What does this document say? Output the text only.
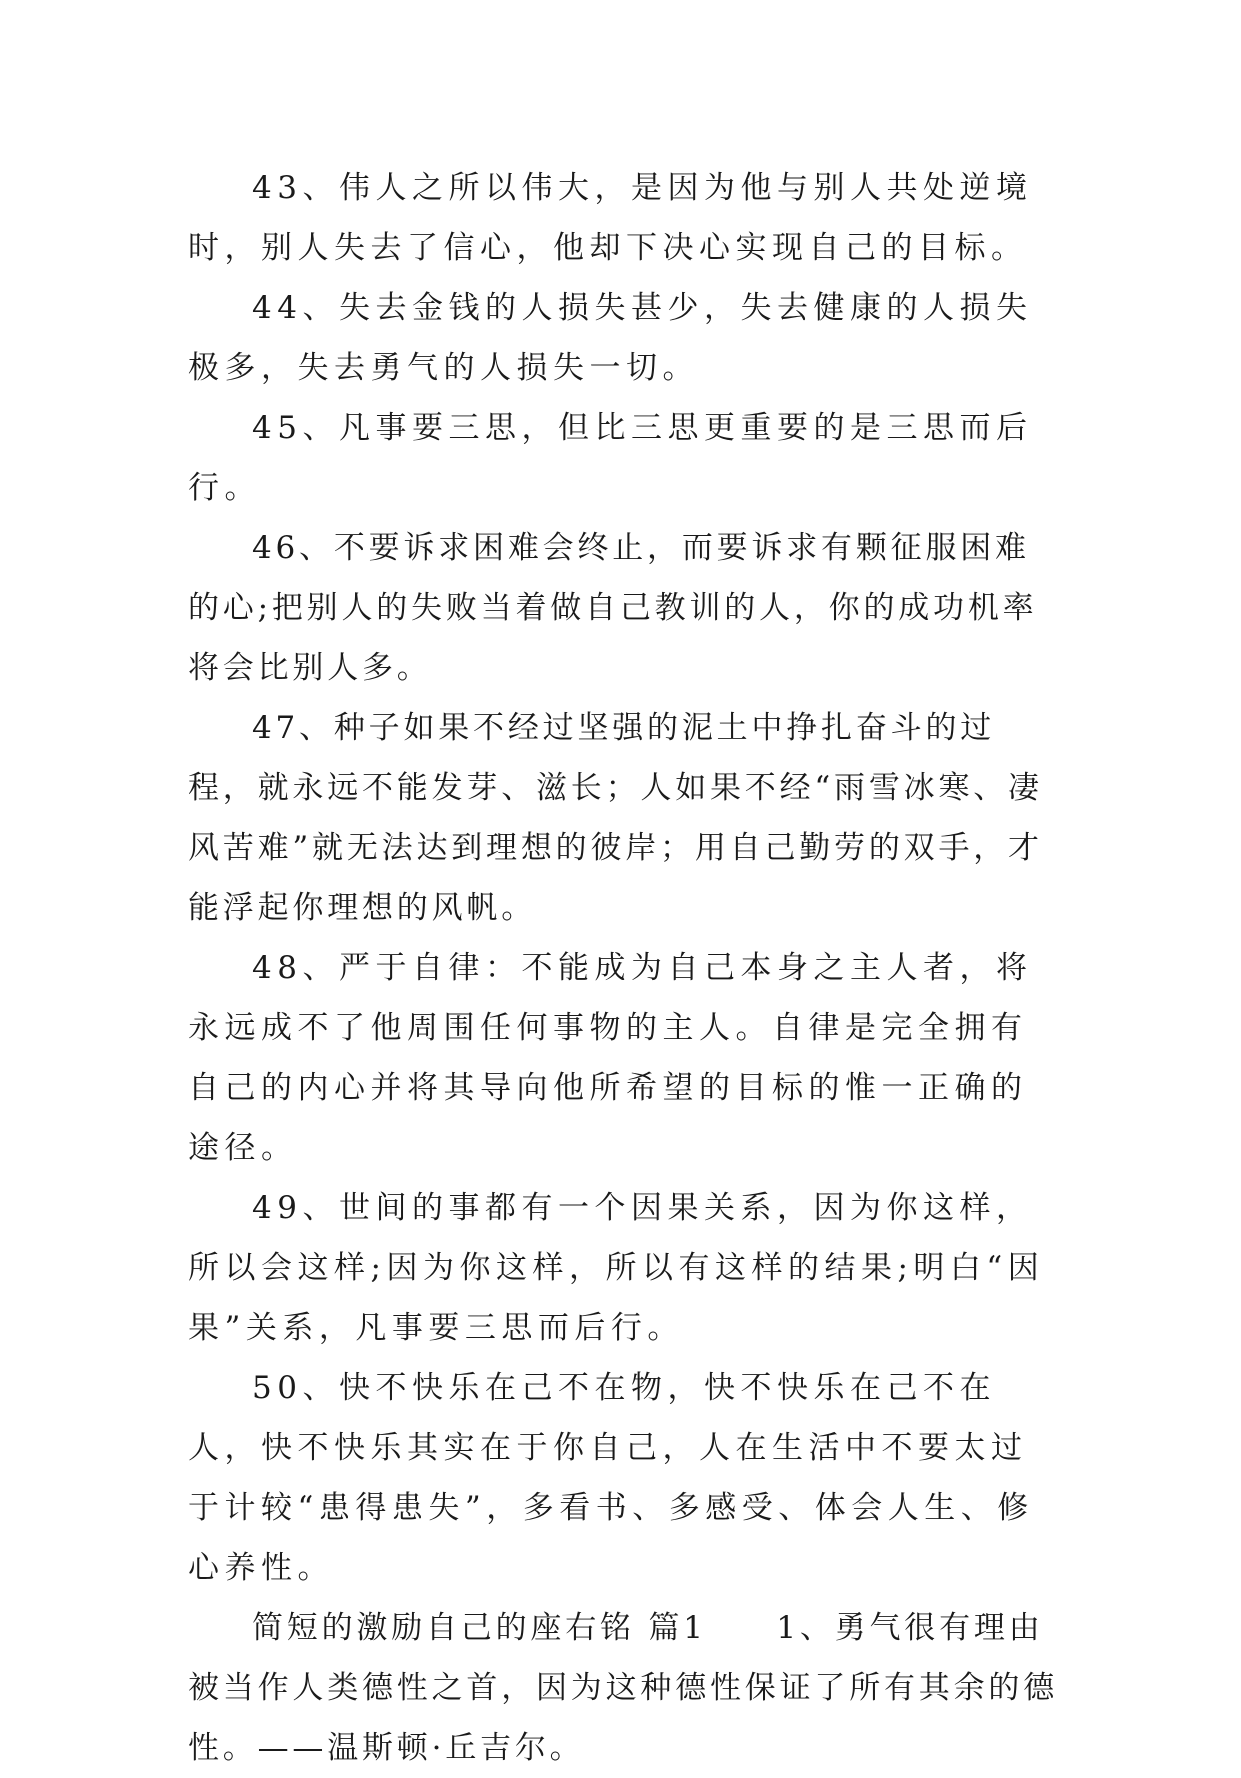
43、伟人之所以伟大，是因为他与别人共处逆境时，别人失去了信心，他却下决心实现自己的目标。

44、失去金钱的人损失甚少，失去健康的人损失极多，失去勇气的人损失一切。

45、凡事要三思，但比三思更重要的是三思而后行。

46、不要诉求困难会终止，而要诉求有颗征服困难的心;把别人的失败当着做自己教训的人，你的成功机率将会比别人多。

47、种子如果不经过坚强的泥土中挣扎奋斗的过程，就永远不能发芽、滋长；人如果不经“雨雪冰寒、凄风苦难”就无法达到理想的彼岸；用自己勤劳的双手，才能浮起你理想的风帆。

48、严于自律：不能成为自己本身之主人者，将永远成不了他周围任何事物的主人。自律是完全拥有自己的内心并将其导向他所希望的目标的惟一正确的途径。

49、世间的事都有一个因果关系，因为你这样，所以会这样;因为你这样，所以有这样的结果;明白“因果”关系，凡事要三思而后行。

50、快不快乐在己不在物，快不快乐在己不在人，快不快乐其实在于你自己，人在生活中不要太过于计较“患得患失”，多看书、多感受、体会人生、修心养性。

简短的激励自己的座右铭 篇1　　1、勇气很有理由被当作人类德性之首，因为这种德性保证了所有其余的德性。——温斯顿·丘吉尔。
